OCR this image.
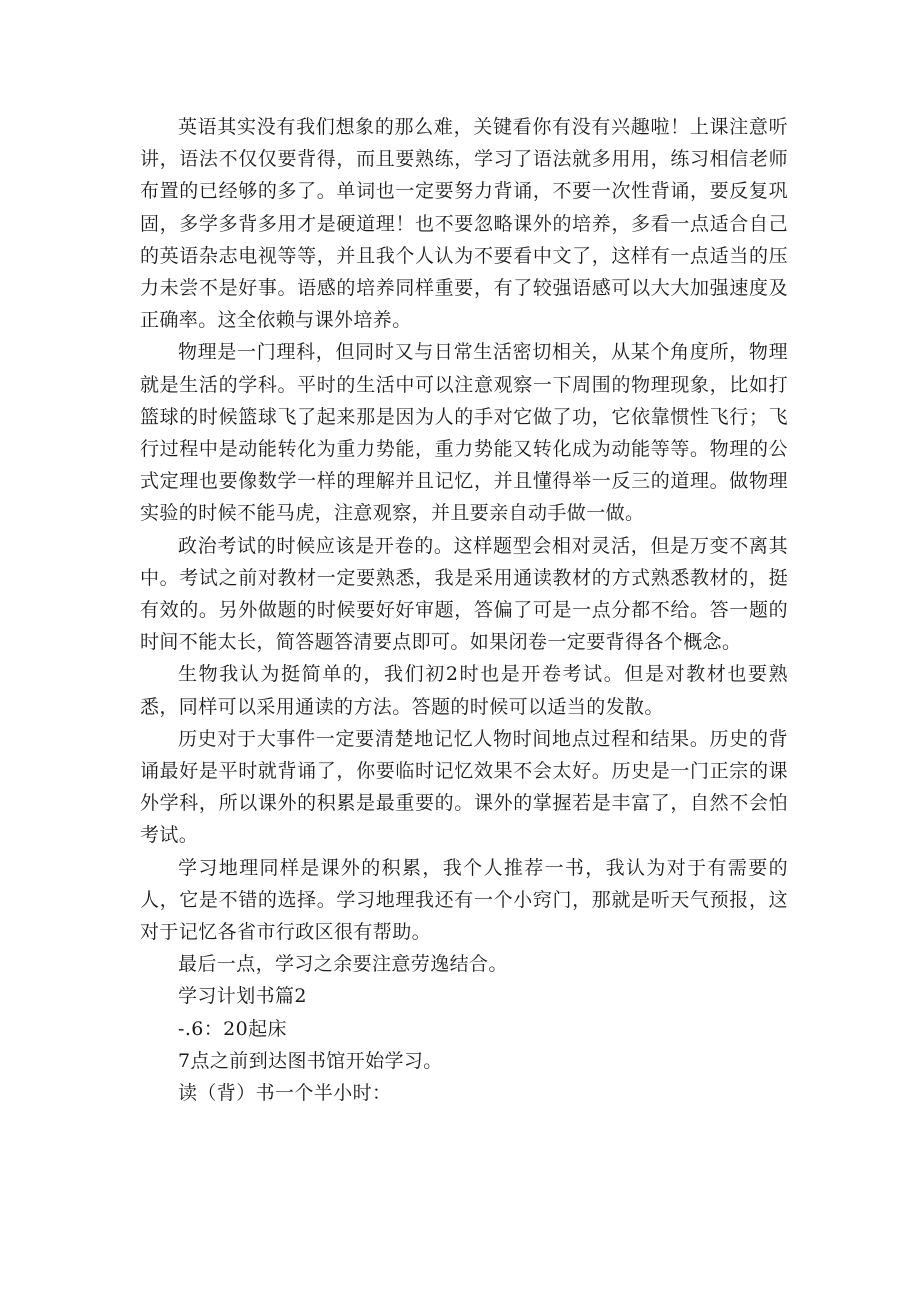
英语其实没有我们想象的那么难，关键看你有没有兴趣啦！上课注意听讲，语法不仅仅要背得，而且要熟练，学习了语法就多用用，练习相信老师布置的已经够的多了。单词也一定要努力背诵，不要一次性背诵，要反复巩固，多学多背多用才是硬道理！也不要忽略课外的培养，多看一点适合自己的英语杂志电视等等，并且我个人认为不要看中文了，这样有一点适当的压力未尝不是好事。语感的培养同样重要，有了较强语感可以大大加强速度及正确率。这全依赖与课外培养。

物理是一门理科，但同时又与日常生活密切相关，从某个角度所，物理就是生活的学科。平时的生活中可以注意观察一下周围的物理现象，比如打篮球的时候篮球飞了起来那是因为人的手对它做了功，它依靠惯性飞行；飞行过程中是动能转化为重力势能，重力势能又转化成为动能等等。物理的公式定理也要像数学一样的理解并且记忆，并且懂得举一反三的道理。做物理实验的时候不能马虎，注意观察，并且要亲自动手做一做。

政治考试的时候应该是开卷的。这样题型会相对灵活，但是万变不离其中。考试之前对教材一定要熟悉，我是采用通读教材的方式熟悉教材的，挺有效的。另外做题的时候要好好审题，答偏了可是一点分都不给。答一题的时间不能太长，简答题答清要点即可。如果闭卷一定要背得各个概念。

生物我认为挺简单的，我们初2时也是开卷考试。但是对教材也要熟悉，同样可以采用通读的方法。答题的时候可以适当的发散。

历史对于大事件一定要清楚地记忆人物时间地点过程和结果。历史的背诵最好是平时就背诵了，你要临时记忆效果不会太好。历史是一门正宗的课外学科，所以课外的积累是最重要的。课外的掌握若是丰富了，自然不会怕考试。

学习地理同样是课外的积累，我个人推荐一书，我认为对于有需要的人，它是不错的选择。学习地理我还有一个小窍门，那就是听天气预报，这对于记忆各省市行政区很有帮助。

最后一点，学习之余要注意劳逸结合。

学习计划书篇2

-.6：20起床

7点之前到达图书馆开始学习。

读（背）书一个半小时：
